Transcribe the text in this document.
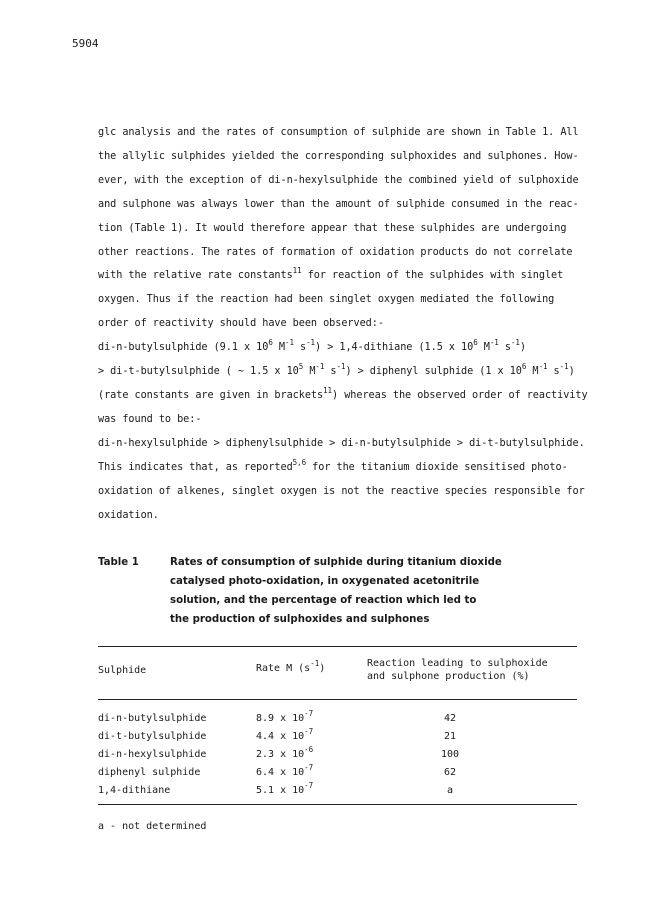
5904
glc analysis and the rates of consumption of sulphide are shown in Table 1. All
the allylic sulphides yielded the corresponding sulphoxides and sulphones. How-
ever, with the exception of di-n-hexylsulphide the combined yield of sulphoxide
and sulphone was always lower than the amount of sulphide consumed in the reac-
tion (Table 1). It would therefore appear that these sulphides are undergoing
other reactions. The rates of formation of oxidation products do not correlate
with the relative rate constants$^{11}$ for reaction of the sulphides with singlet
oxygen. Thus if the reaction had been singlet oxygen mediated the following
order of reactivity should have been observed:-
di-n-butylsulphide (9.1 x $10^6$ $M^{-1}$ $s^{-1}$) > 1,4-dithiane (1.5 x $10^6$ $M^{-1}$ $s^{-1}$)
> di-t-butylsulphide ( ~ 1.5 x $10^5$ $M^{-1}$ $s^{-1}$) > diphenyl sulphide (1 x $10^6$ $M^{-1}$ $s^{-1}$)
(rate constants are given in brackets$^{11}$) whereas the observed order of reactivity
was found to be:-
di-n-hexylsulphide > diphenylsulphide > di-n-butylsulphide > di-t-butylsulphide.
This indicates that, as reported$^{5,6}$ for the titanium dioxide sensitised photo-
oxidation of alkenes, singlet oxygen is not the reactive species responsible for
oxidation.
Table 1	Rates of consumption of sulphide during titanium dioxide
catalysed photo-oxidation, in oxygenated acetonitrile
solution, and the percentage of reaction which led to
the production of sulphoxides and sulphones
Sulphide	Rate M $(s^{-1})$	Reaction leading to sulphoxide
and sulphone production (%)
di-n-butylsulphide	8.9 x $10^{-7}$	42
di-t-butylsulphide	4.4 x $10^{-7}$	21
di-n-hexylsulphide	2.3 x $10^{-6}$	100
diphenyl sulphide	6.4 x $10^{-7}$	62
1,4-dithiane	5.1 x $10^{-7}$	a
a - not determined
